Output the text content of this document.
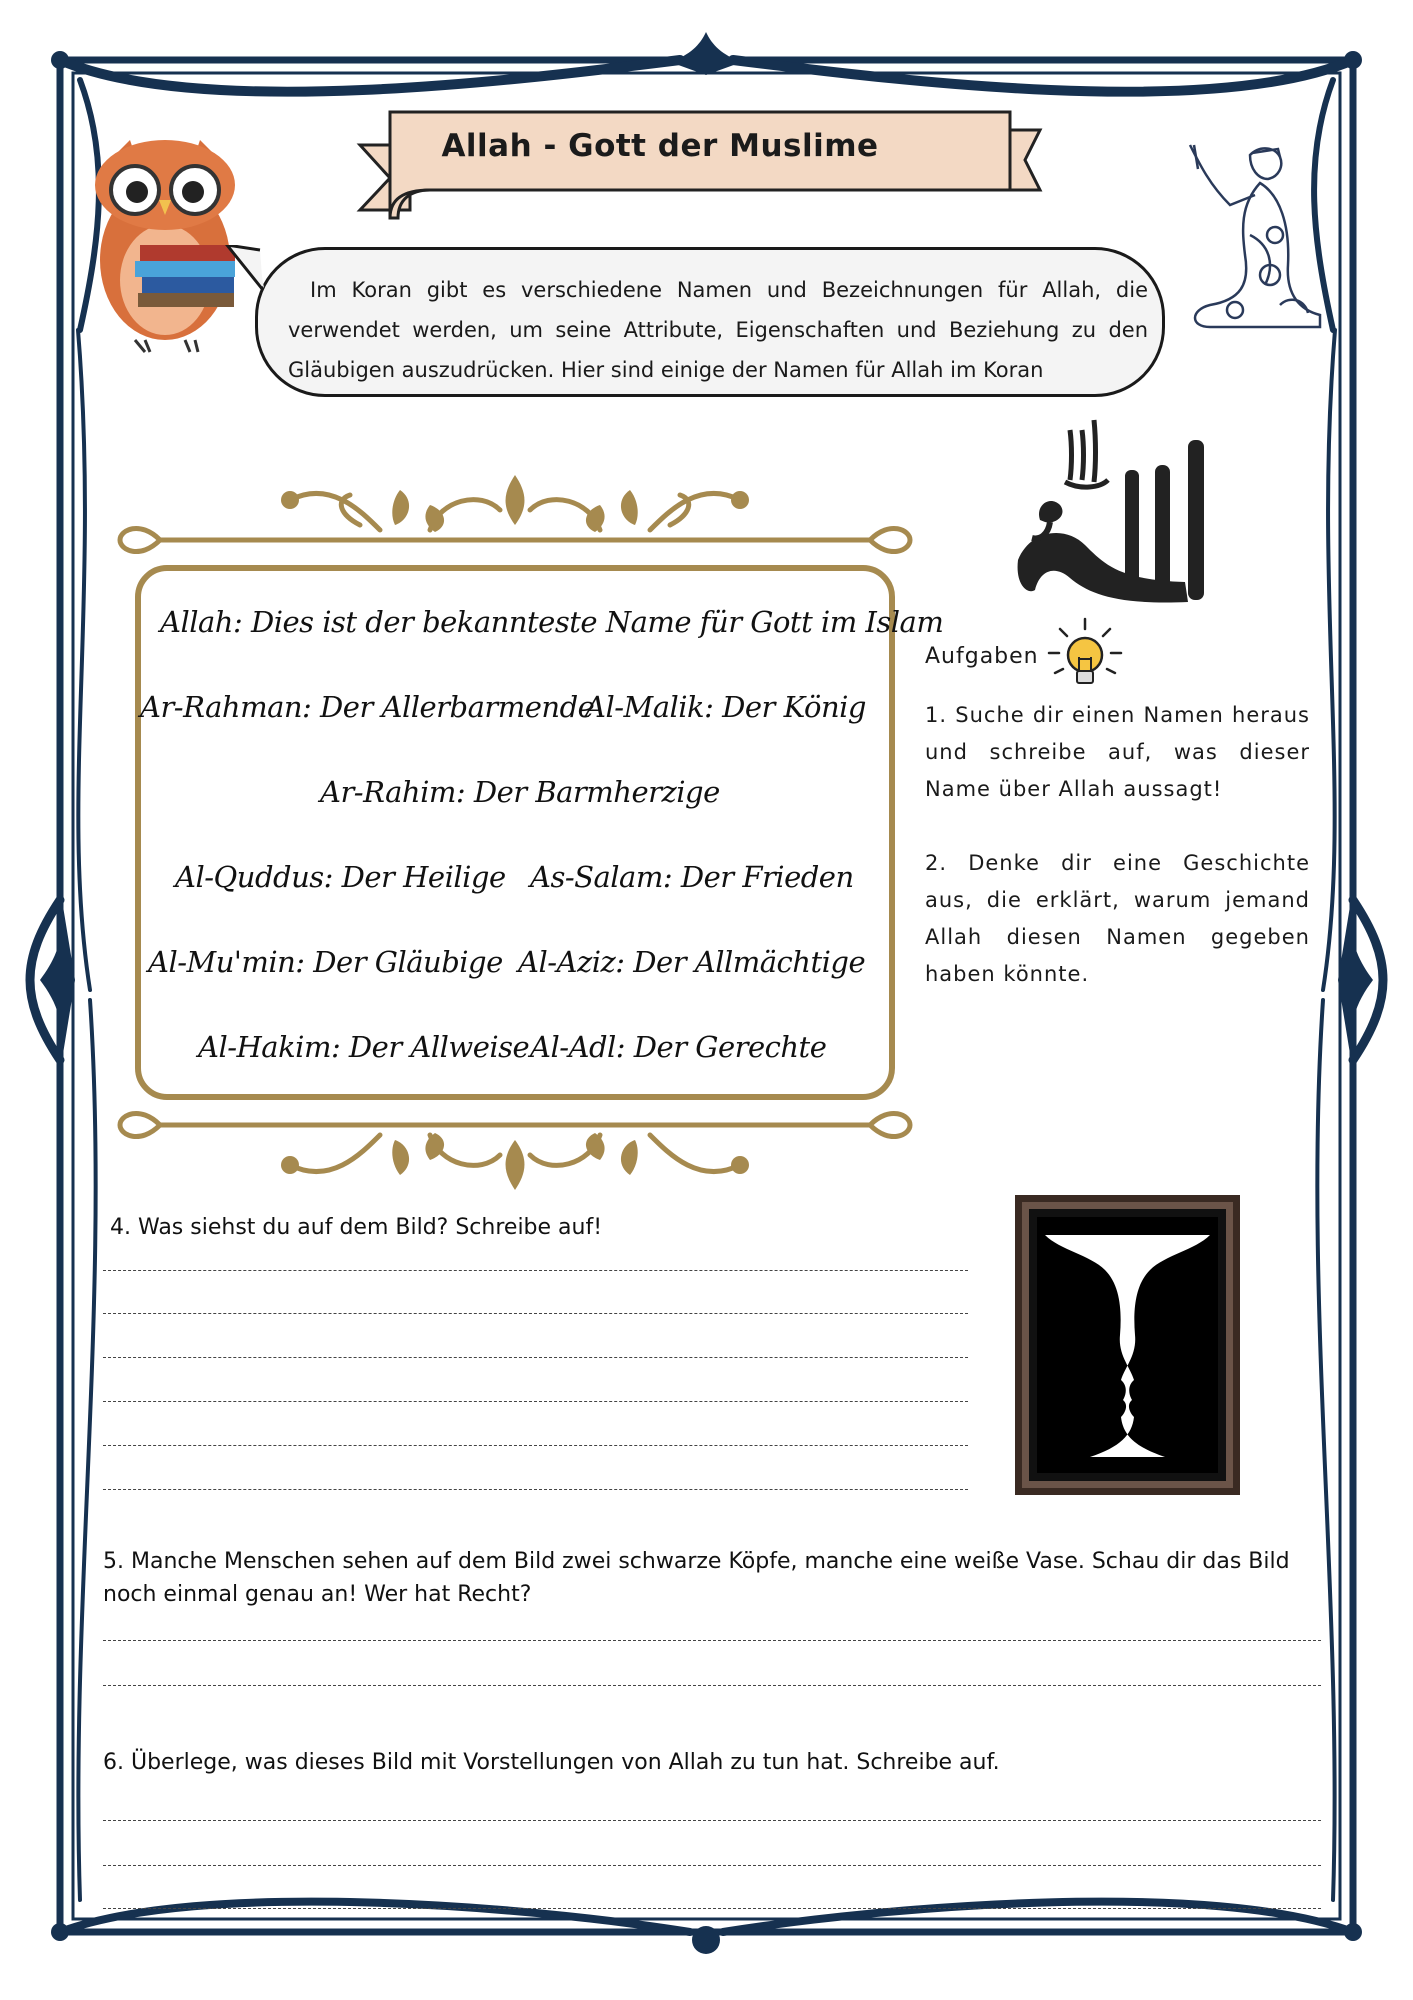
Allah - Gott der Muslime

Im Koran gibt es verschiedene Namen und Bezeichnungen für Allah, die verwendet werden, um seine Attribute, Eigenschaften und Beziehung zu den Gläubigen auszudrücken. Hier sind einige der Namen für Allah im Koran

Allah: Dies ist der bekannteste Name für Gott im Islam
Ar-Rahman: Der Allerbarmende
Al-Malik: Der König
Ar-Rahim: Der Barmherzige
Al-Quddus: Der Heilige As-Salam: Der Frieden
Al-Mu'min: Der Gläubige Al-Aziz: Der Allmächtige
Al-Hakim: Der Allweise Al-Adl: Der Gerechte
Aufgaben

1. Suche dir einen Namen heraus und schreibe auf, was dieser Name über Allah aussagt!

2. Denke dir eine Geschichte aus, die erklärt, warum jemand Allah diesen Namen gegeben haben könnte.

4. Was siehst du auf dem Bild? Schreibe auf!

5. Manche Menschen sehen auf dem Bild zwei schwarze Köpfe, manche eine weiße Vase. Schau dir das Bild noch einmal genau an! Wer hat Recht?

6. Überlege, was dieses Bild mit Vorstellungen von Allah zu tun hat. Schreibe auf.
